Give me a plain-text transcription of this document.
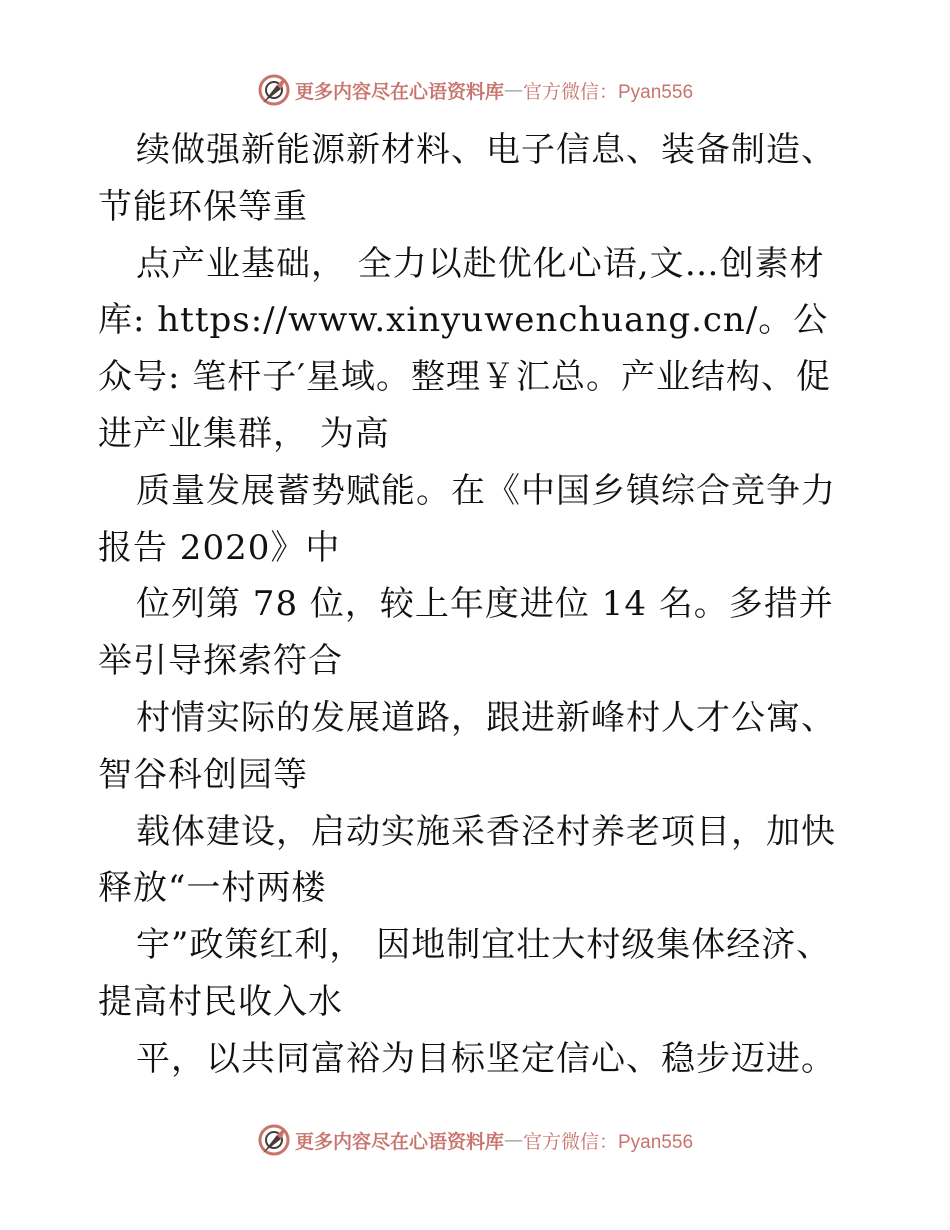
更多内容尽在心语资料库 — 官方微信：Pyan556

续做强新能源新材料、电子信息、装备制造、节能环保等重

点产业基础， 全力以赴优化心语,文…创素材库: https://www.xinyuwenchuang.cn/。公众号: 笔杆子′星域。整理￥汇总。产业结构、促进产业集群， 为高

质量发展蓄势赋能。在《中国乡镇综合竞争力报告 2020》中

位列第 78 位，较上年度进位 14 名。多措并举引导探索符合

村情实际的发展道路，跟进新峰村人才公寓、智谷科创园等

载体建设，启动实施采香泾村养老项目，加快释放“一村两楼

宇”政策红利， 因地制宜壮大村级集体经济、提高村民收入水

平，以共同富裕为目标坚定信心、稳步迈进。

更多内容尽在心语资料库 — 官方微信：Pyan556
